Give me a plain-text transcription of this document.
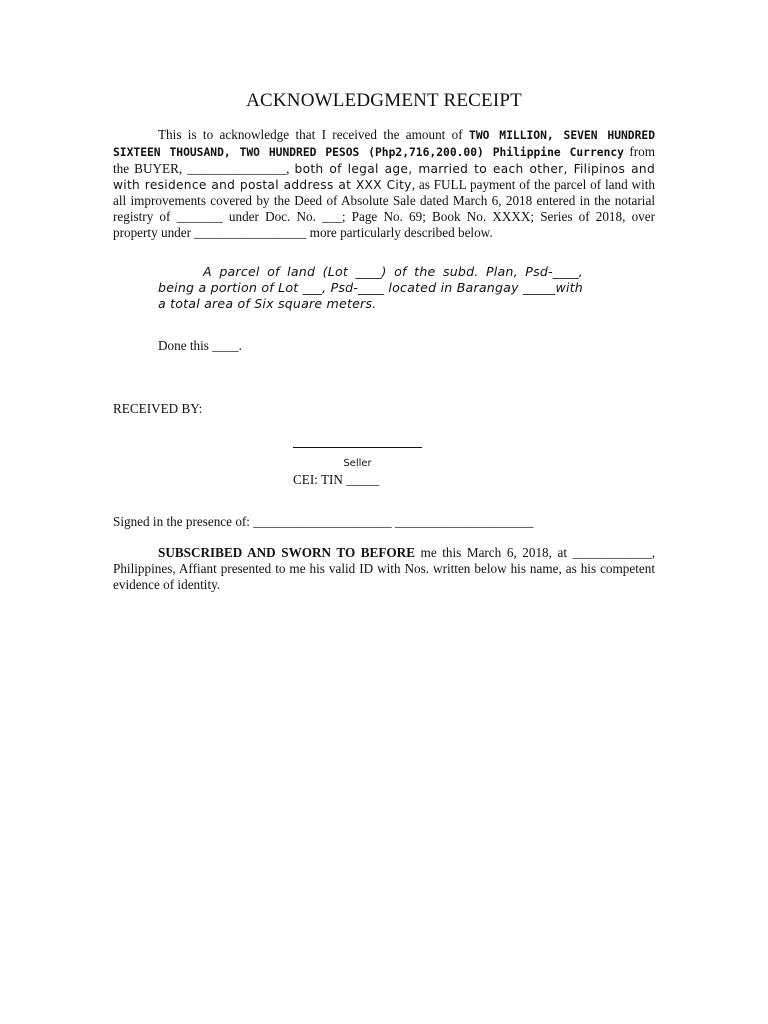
ACKNOWLEDGMENT RECEIPT
This is to acknowledge that I received the amount of TWO MILLION, SEVEN HUNDRED SIXTEEN THOUSAND, TWO HUNDRED PESOS (Php2,716,200.00) Philippine Currency from the BUYER, _______________, both of legal age, married to each other, Filipinos and with residence and postal address at XXX City, as FULL payment of the parcel of land with all improvements covered by the Deed of Absolute Sale dated March 6, 2018 entered in the notarial registry of _______ under Doc. No. ___; Page No. 69; Book No. XXXX; Series of 2018, over property under _________________ more particularly described below.
A parcel of land (Lot ____) of the subd. Plan, Psd-____, being a portion of Lot ___, Psd-____ located in Barangay _____with a total area of Six square meters.
Done this ____.
RECEIVED BY:
Seller
CEI: TIN _____
Signed in the presence of: _____________________ _____________________
SUBSCRIBED AND SWORN TO BEFORE me this March 6, 2018, at ____________, Philippines, Affiant presented to me his valid ID with Nos. written below his name, as his competent evidence of identity.
